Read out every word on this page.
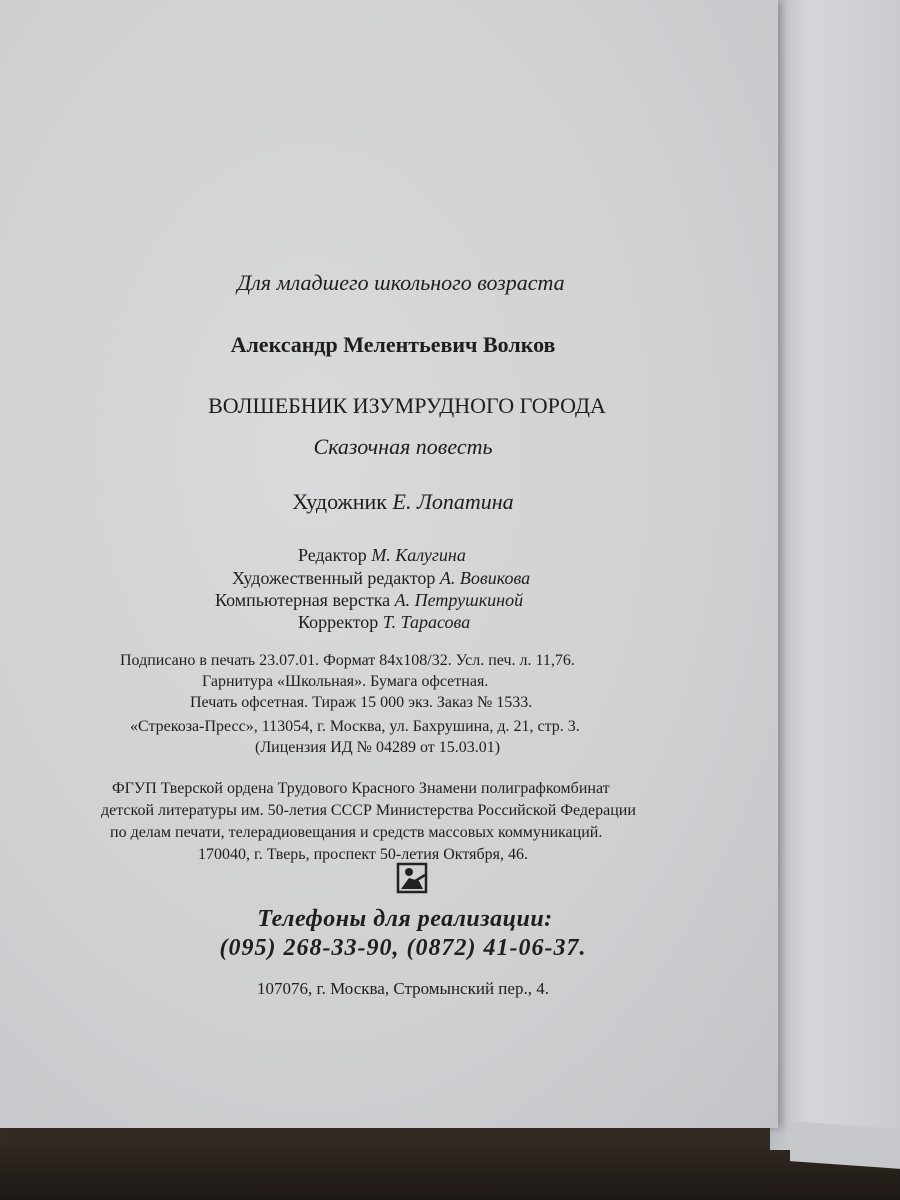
Для младшего школьного возраста
Александр Мелентьевич Волков
ВОЛШЕБНИК ИЗУМРУДНОГО ГОРОДА
Сказочная повесть
Художник Е. Лопатина
Редактор М. Калугина
Художественный редактор А. Вовикова
Компьютерная верстка А. Петрушкиной
Корректор Т. Тарасова
Подписано в печать 23.07.01. Формат 84x108/32. Усл. печ. л. 11,76.
Гарнитура «Школьная». Бумага офсетная.
Печать офсетная. Тираж 15 000 экз. Заказ № 1533.
«Стрекоза-Пресс», 113054, г. Москва, ул. Бахрушина, д. 21, стр. 3.
(Лицензия ИД № 04289 от 15.03.01)
ФГУП Тверской ордена Трудового Красного Знамени полиграфкомбинат
детской литературы им. 50-летия СССР Министерства Российской Федерации
по делам печати, телерадиовещания и средств массовых коммуникаций.
170040, г. Тверь, проспект 50-летия Октября, 46.
Телефоны для реализации:
(095) 268-33-90, (0872) 41-06-37.
107076, г. Москва, Стромынский пер., 4.
